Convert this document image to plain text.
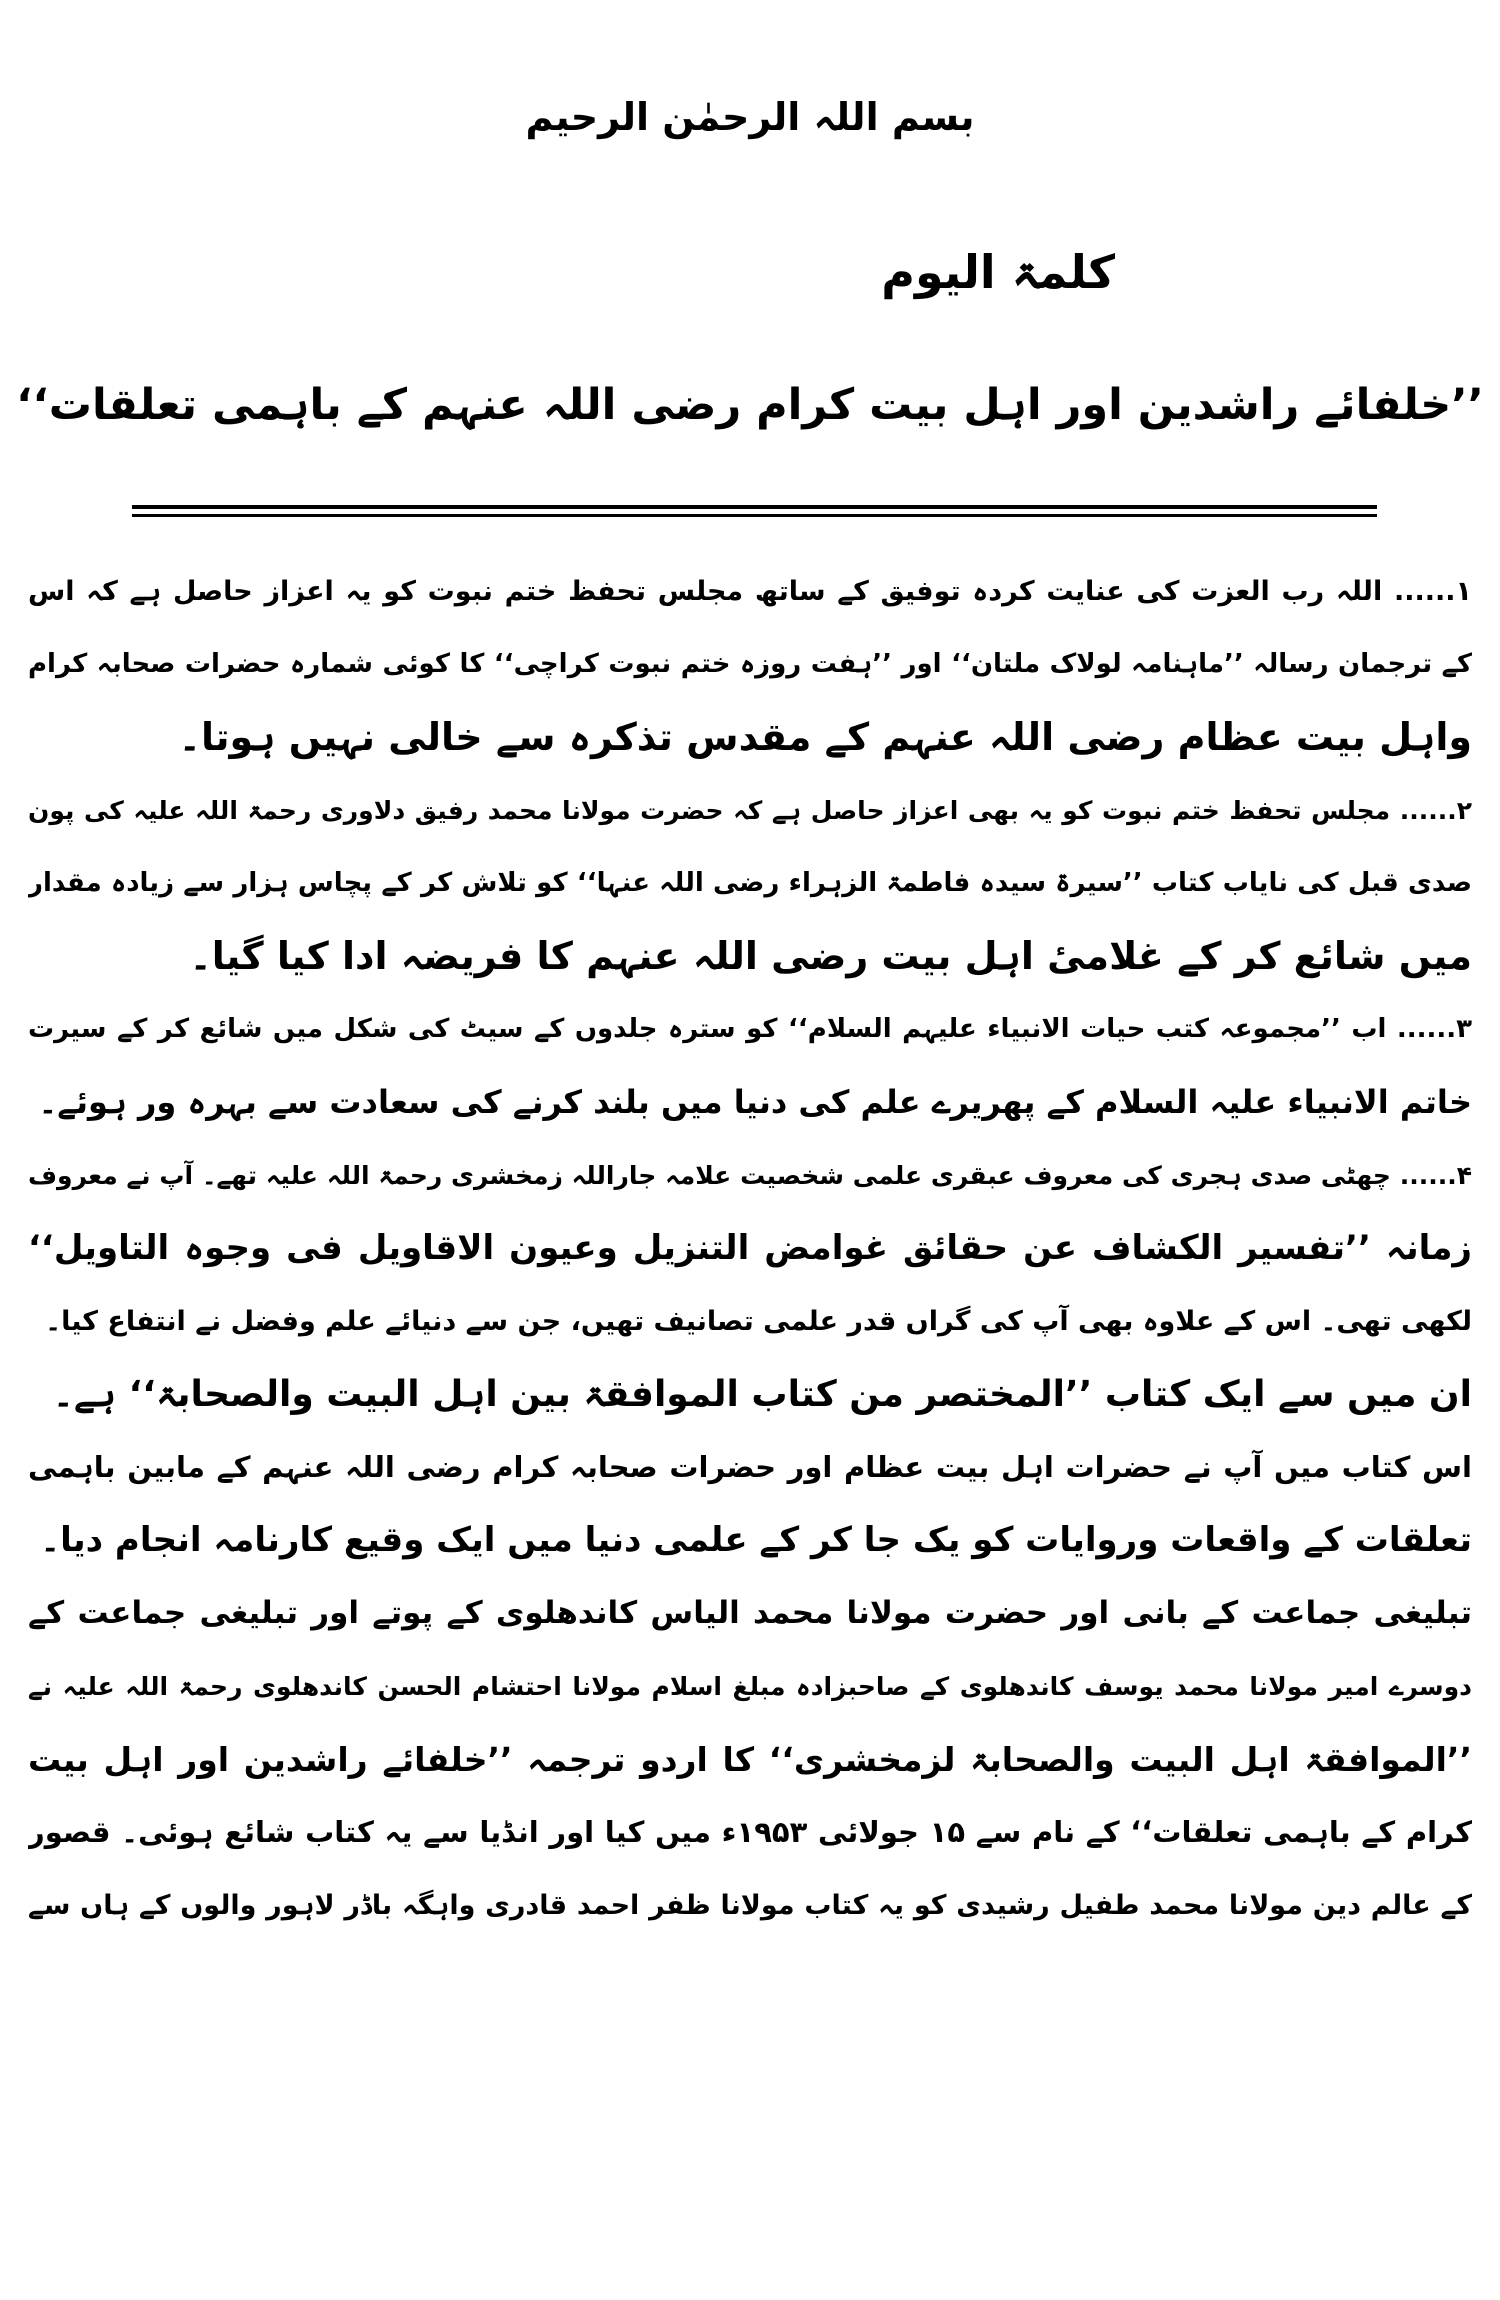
بسم اللہ الرحمٰن الرحیم
کلمۃ الیوم
’’خلفائے راشدین اور اہل بیت کرام رضی اللہ عنہم کے باہمی تعلقات‘‘
۱...... اللہ رب العزت کی عنایت کردہ توفیق کے ساتھ مجلس تحفظ ختم نبوت کو یہ اعزاز حاصل ہے کہ اس
کے ترجمان رسالہ ’’ماہنامہ لولاک ملتان‘‘ اور ’’ہفت روزہ ختم نبوت کراچی‘‘ کا کوئی شمارہ حضرات صحابہ کرام
واہل بیت عظام رضی اللہ عنہم کے مقدس تذکرہ سے خالی نہیں ہوتا۔
۲...... مجلس تحفظ ختم نبوت کو یہ بھی اعزاز حاصل ہے کہ حضرت مولانا محمد رفیق دلاوری رحمۃ اللہ علیہ کی پون
صدی قبل کی نایاب کتاب ’’سیرۃ سیدہ فاطمۃ الزہراء رضی اللہ عنہا‘‘ کو تلاش کر کے پچاس ہزار سے زیادہ مقدار
میں شائع کر کے غلامیٔ اہل بیت رضی اللہ عنہم کا فریضہ ادا کیا گیا۔
۳...... اب ’’مجموعہ کتب حیات الانبیاء علیہم السلام‘‘ کو سترہ جلدوں کے سیٹ کی شکل میں شائع کر کے سیرت
خاتم الانبیاء علیہ السلام کے پھریرے علم کی دنیا میں بلند کرنے کی سعادت سے بہرہ ور ہوئے۔
۴...... چھٹی صدی ہجری کی معروف عبقری علمی شخصیت علامہ جاراللہ زمخشری رحمۃ اللہ علیہ تھے۔ آپ نے معروف
زمانہ ’’تفسیر الکشاف عن حقائق غوامض التنزیل وعیون الاقاویل فی وجوہ التاویل‘‘
لکھی تھی۔ اس کے علاوہ بھی آپ کی گراں قدر علمی تصانیف تھیں، جن سے دنیائے علم وفضل نے انتفاع کیا۔
ان میں سے ایک کتاب ’’المختصر من کتاب الموافقۃ بین اہل البیت والصحابۃ‘‘ ہے۔
اس کتاب میں آپ نے حضرات اہل بیت عظام اور حضرات صحابہ کرام رضی اللہ عنہم کے مابین باہمی
تعلقات کے واقعات وروایات کو یک جا کر کے علمی دنیا میں ایک وقیع کارنامہ انجام دیا۔
تبلیغی جماعت کے بانی اور حضرت مولانا محمد الیاس کاندھلوی کے پوتے اور تبلیغی جماعت کے
دوسرے امیر مولانا محمد یوسف کاندھلوی کے صاحبزادہ مبلغ اسلام مولانا احتشام الحسن کاندھلوی رحمۃ اللہ علیہ نے
’’الموافقۃ اہل البیت والصحابۃ لزمخشری‘‘ کا اردو ترجمہ ’’خلفائے راشدین اور اہل بیت
کرام کے باہمی تعلقات‘‘ کے نام سے ۱۵ جولائی ۱۹۵۳ء میں کیا اور انڈیا سے یہ کتاب شائع ہوئی۔ قصور
کے عالم دین مولانا محمد طفیل رشیدی کو یہ کتاب مولانا ظفر احمد قادری واہگہ باڈر لاہور والوں کے ہاں سے
